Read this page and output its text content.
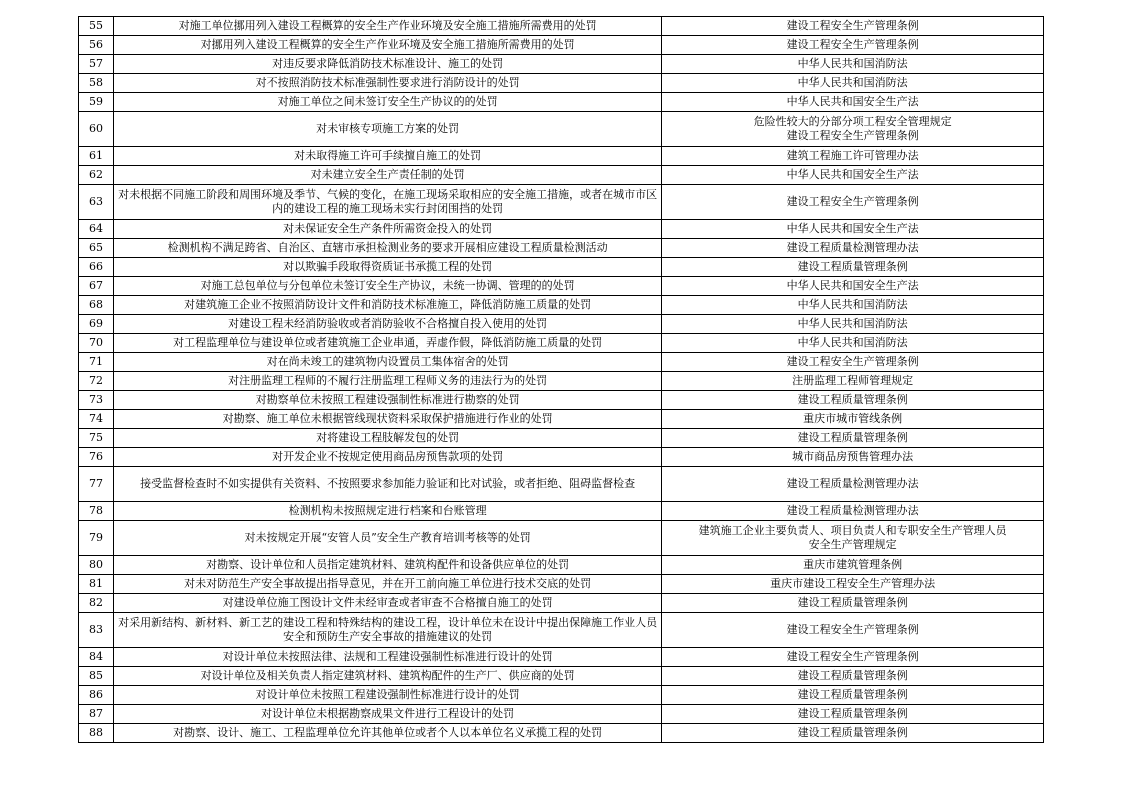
55	对施工单位挪用列入建设工程概算的安全生产作业环境及安全施工措施所需费用的处罚	建设工程安全生产管理条例

56	对挪用列入建设工程概算的安全生产作业环境及安全施工措施所需费用的处罚	建设工程安全生产管理条例

57	对违反要求降低消防技术标准设计、施工的处罚	中华人民共和国消防法

58	对不按照消防技术标准强制性要求进行消防设计的处罚	中华人民共和国消防法

59	对施工单位之间未签订安全生产协议的的处罚	中华人民共和国安全生产法

60	对未审核专项施工方案的处罚	危险性较大的分部分项工程安全管理规定
建设工程安全生产管理条例

61	对未取得施工许可手续擅自施工的处罚	建筑工程施工许可管理办法

62	对未建立安全生产责任制的处罚	中华人民共和国安全生产法

63	对未根据不同施工阶段和周围环境及季节、气候的变化，在施工现场采取相应的安全施工措施，或者在城市市区内的建设工程的施工现场未实行封闭围挡的处罚	建设工程安全生产管理条例

64	对未保证安全生产条件所需资金投入的处罚	中华人民共和国安全生产法

65	检测机构不满足跨省、自治区、直辖市承担检测业务的要求开展相应建设工程质量检测活动	建设工程质量检测管理办法

66	对以欺骗手段取得资质证书承揽工程的处罚	建设工程质量管理条例

67	对施工总包单位与分包单位未签订安全生产协议，未统一协调、管理的的处罚	中华人民共和国安全生产法

68	对建筑施工企业不按照消防设计文件和消防技术标准施工，降低消防施工质量的处罚	中华人民共和国消防法

69	对建设工程未经消防验收或者消防验收不合格擅自投入使用的处罚	中华人民共和国消防法

70	对工程监理单位与建设单位或者建筑施工企业串通，弄虚作假，降低消防施工质量的处罚	中华人民共和国消防法

71	对在尚未竣工的建筑物内设置员工集体宿舍的处罚	建设工程安全生产管理条例

72	对注册监理工程师的不履行注册监理工程师义务的违法行为的处罚	注册监理工程师管理规定

73	对勘察单位未按照工程建设强制性标准进行勘察的处罚	建设工程质量管理条例

74	对勘察、施工单位未根据管线现状资料采取保护措施进行作业的处罚	重庆市城市管线条例

75	对将建设工程肢解发包的处罚	建设工程质量管理条例

76	对开发企业不按规定使用商品房预售款项的处罚	城市商品房预售管理办法

77	接受监督检查时不如实提供有关资料、不按照要求参加能力验证和比对试验，或者拒绝、阻碍监督检查	建设工程质量检测管理办法

78	检测机构未按照规定进行档案和台账管理	建设工程质量检测管理办法

79	对未按规定开展“安管人员”安全生产教育培训考核等的处罚	建筑施工企业主要负责人、项目负责人和专职安全生产管理人员
安全生产管理规定

80	对勘察、设计单位和人员指定建筑材料、建筑构配件和设备供应单位的处罚	重庆市建筑管理条例

81	对未对防范生产安全事故提出指导意见，并在开工前向施工单位进行技术交底的处罚	重庆市建设工程安全生产管理办法

82	对建设单位施工图设计文件未经审查或者审查不合格擅自施工的处罚	建设工程质量管理条例

83	对采用新结构、新材料、新工艺的建设工程和特殊结构的建设工程，设计单位未在设计中提出保障施工作业人员安全和预防生产安全事故的措施建议的处罚	建设工程安全生产管理条例

84	对设计单位未按照法律、法规和工程建设强制性标准进行设计的处罚	建设工程安全生产管理条例

85	对设计单位及相关负责人指定建筑材料、建筑构配件的生产厂、供应商的处罚	建设工程质量管理条例

86	对设计单位未按照工程建设强制性标准进行设计的处罚	建设工程质量管理条例

87	对设计单位未根据勘察成果文件进行工程设计的处罚	建设工程质量管理条例

88	对勘察、设计、施工、工程监理单位允许其他单位或者个人以本单位名义承揽工程的处罚	建设工程质量管理条例
